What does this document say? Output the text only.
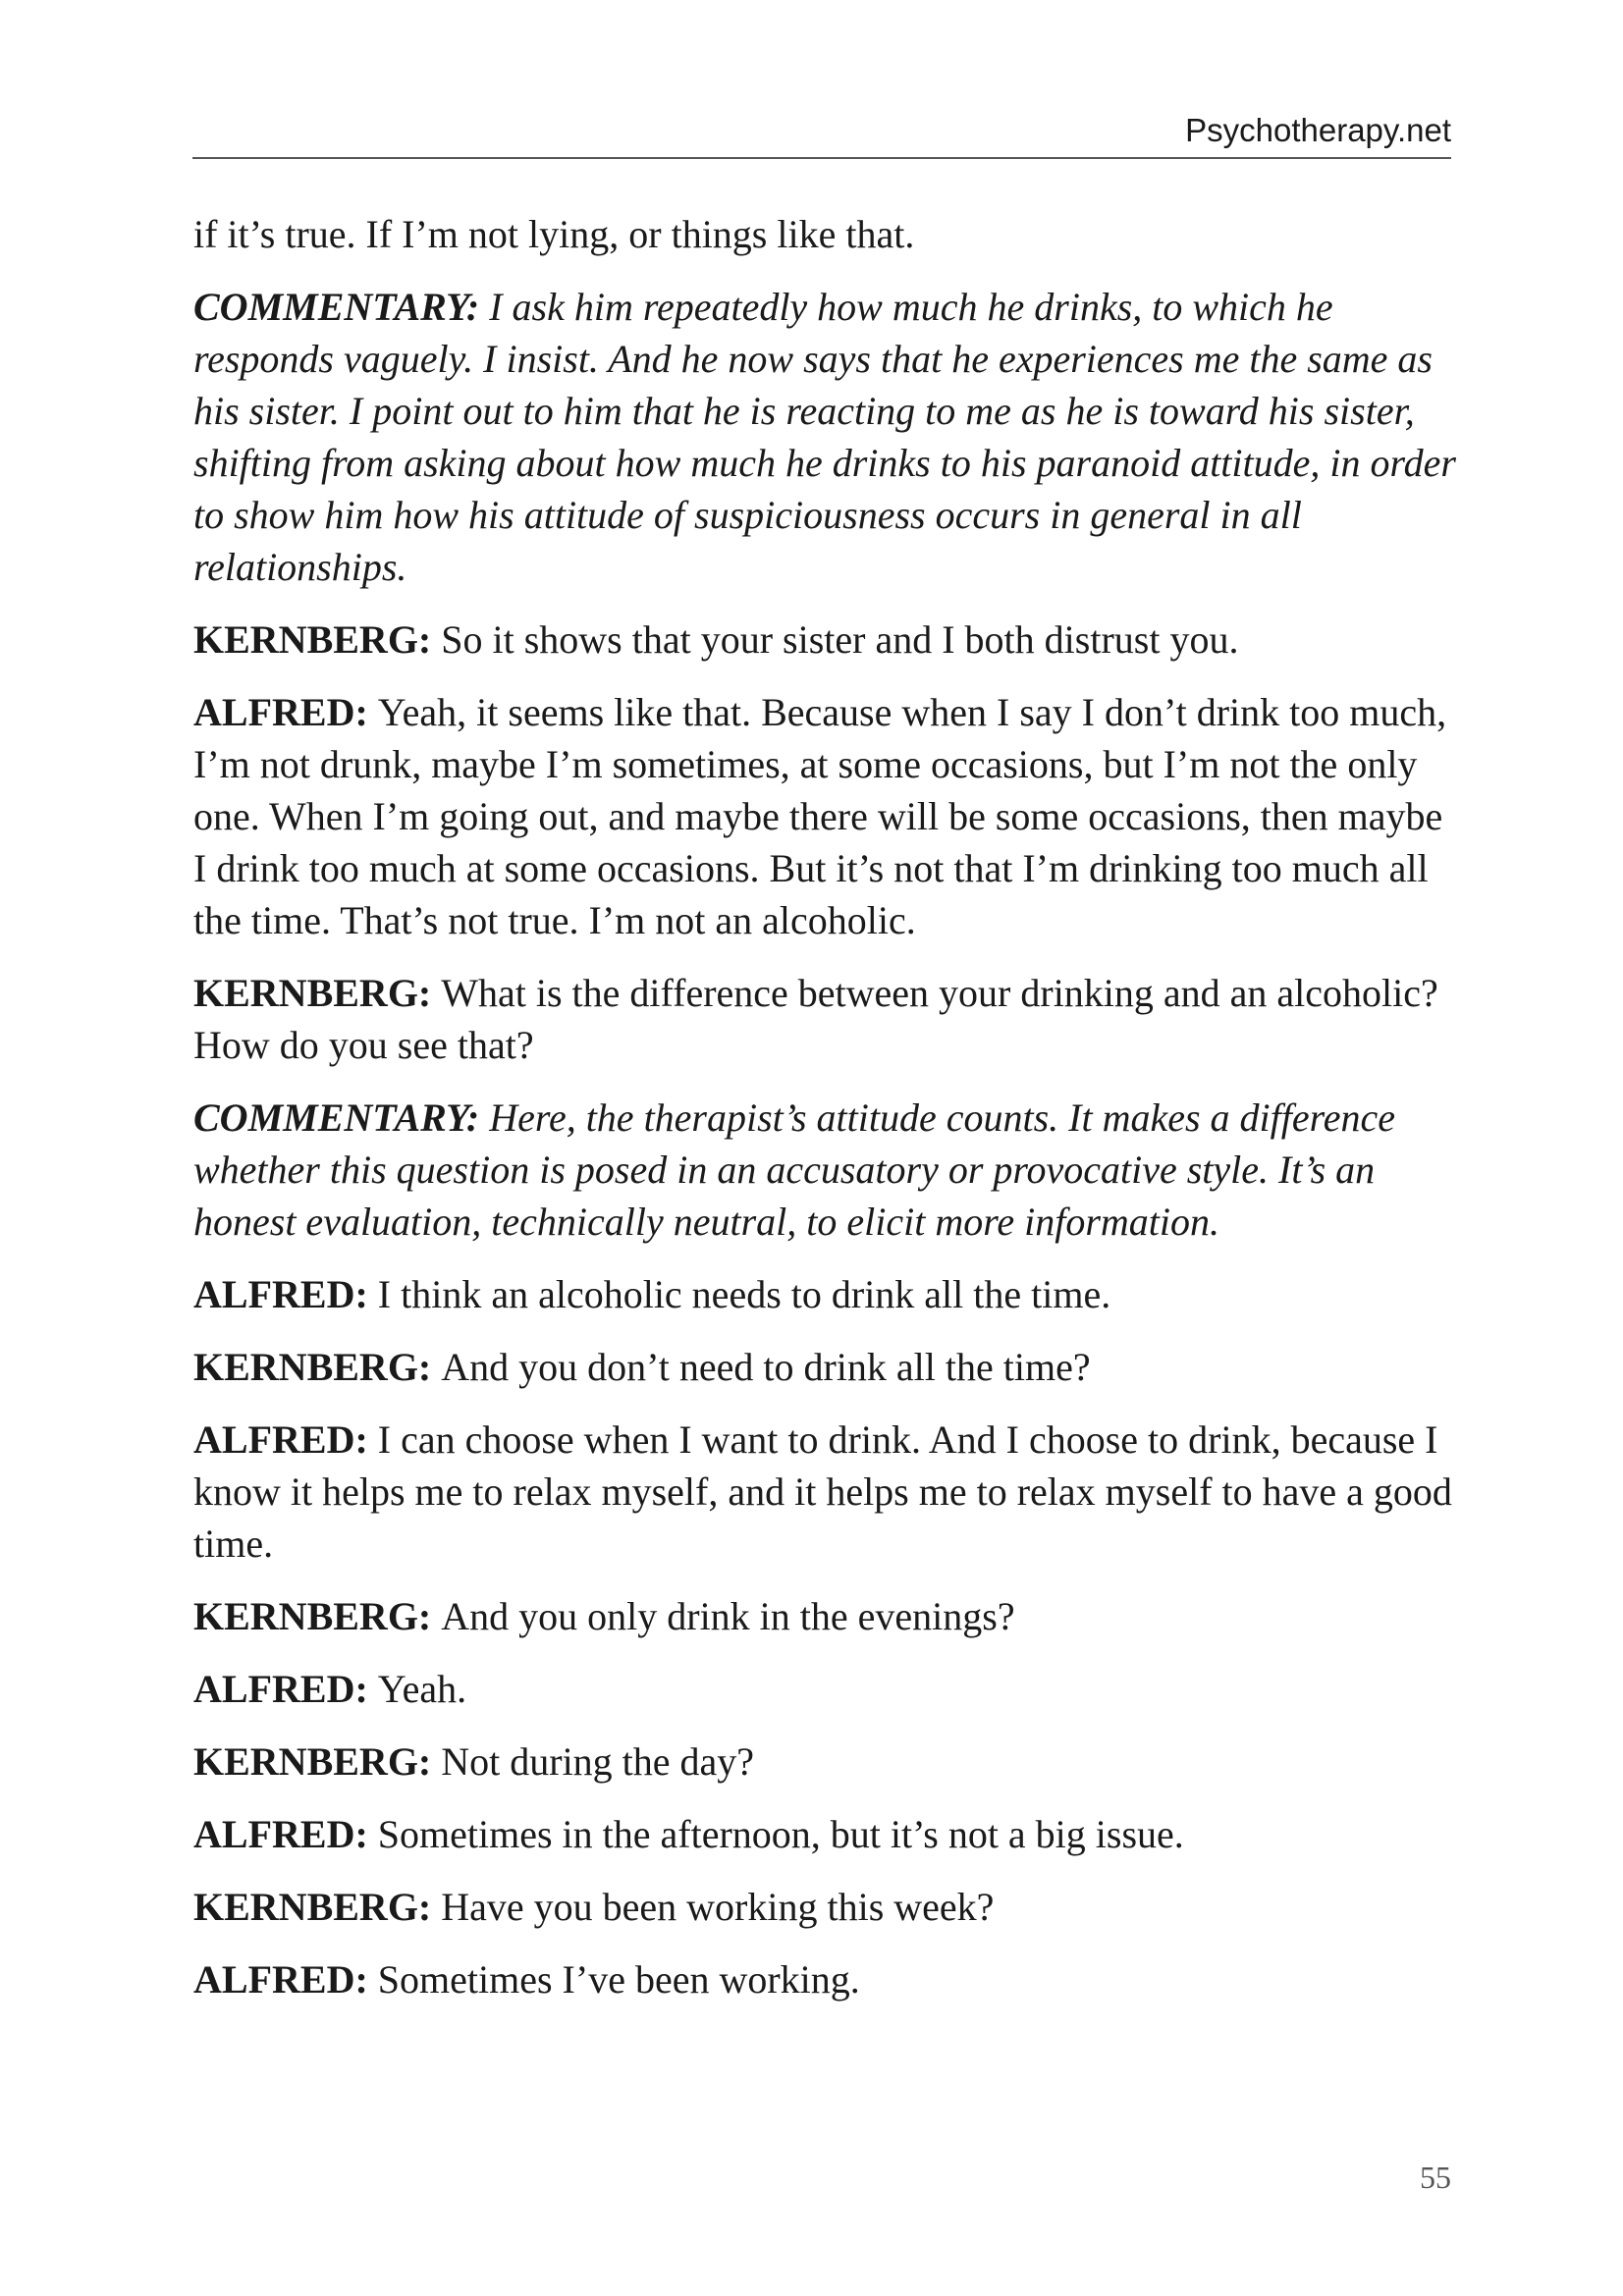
Psychotherapy.net

if it’s true. If I’m not lying, or things like that.

COMMENTARY: I ask him repeatedly how much he drinks, to which he responds vaguely. I insist. And he now says that he experiences me the same as his sister. I point out to him that he is reacting to me as he is toward his sister, shifting from asking about how much he drinks to his paranoid attitude, in order to show him how his attitude of suspiciousness occurs in general in all relationships.

KERNBERG: So it shows that your sister and I both distrust you.

ALFRED: Yeah, it seems like that. Because when I say I don’t drink too much, I’m not drunk, maybe I’m sometimes, at some occasions, but I’m not the only one. When I’m going out, and maybe there will be some occasions, then maybe I drink too much at some occasions. But it’s not that I’m drinking too much all the time. That’s not true. I’m not an alcoholic.

KERNBERG: What is the difference between your drinking and an alcoholic? How do you see that?

COMMENTARY: Here, the therapist’s attitude counts. It makes a difference whether this question is posed in an accusatory or provocative style. It’s an honest evaluation, technically neutral, to elicit more information.

ALFRED: I think an alcoholic needs to drink all the time.

KERNBERG: And you don’t need to drink all the time?

ALFRED: I can choose when I want to drink. And I choose to drink, because I know it helps me to relax myself, and it helps me to relax myself to have a good time.

KERNBERG: And you only drink in the evenings?

ALFRED: Yeah.

KERNBERG: Not during the day?

ALFRED: Sometimes in the afternoon, but it’s not a big issue.

KERNBERG: Have you been working this week?

ALFRED: Sometimes I’ve been working.

55
